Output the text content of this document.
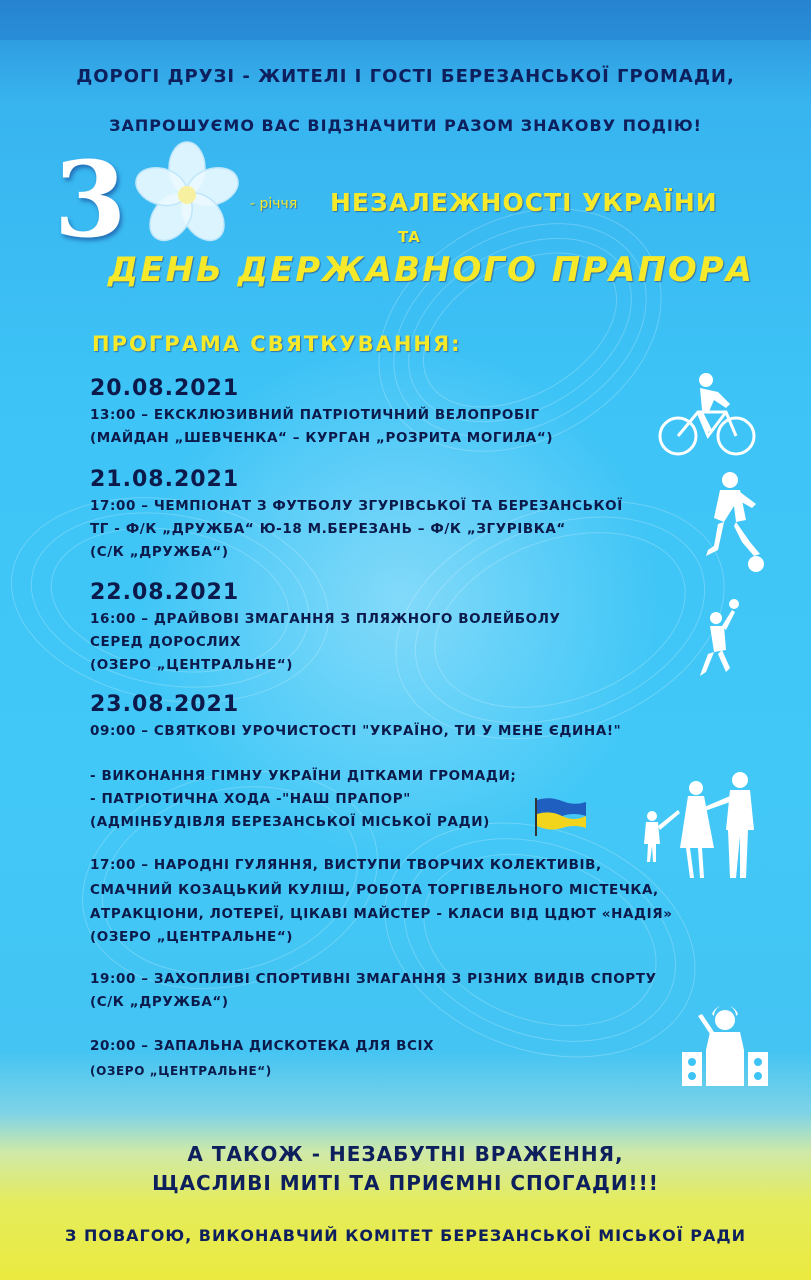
ДОРОГІ ДРУЗІ - ЖИТЕЛІ І ГОСТІ БЕРЕЗАНСЬКОЇ ГРОМАДИ,
ЗАПРОШУЄМО ВАС ВІДЗНАЧИТИ РАЗОМ ЗНАКОВУ ПОДІЮ!
3	- річчя НЕЗАЛЕЖНОСТІ УКРАЇНИ
ТА
ДЕНЬ ДЕРЖАВНОГО ПРАПОРА
ПРОГРАМА СВЯТКУВАННЯ:
20.08.2021
13:00 – ЕКСКЛЮЗИВНИЙ ПАТРІОТИЧНИЙ ВЕЛОПРОБІГ
(МАЙДАН „ШЕВЧЕНКА“ – КУРГАН „РОЗРИТА МОГИЛА“)
21.08.2021
17:00 – ЧЕМПІОНАТ З ФУТБОЛУ ЗГУРІВСЬКОЇ ТА БЕРЕЗАНСЬКОЇ
ТГ - Ф/К „ДРУЖБА“ Ю-18 М.БЕРЕЗАНЬ – Ф/К „ЗГУРІВКА“
(С/К „ДРУЖБА“)
22.08.2021
16:00 – ДРАЙВОВІ ЗМАГАННЯ З ПЛЯЖНОГО ВОЛЕЙБОЛУ
СЕРЕД ДОРОСЛИХ
(ОЗЕРО „ЦЕНТРАЛЬНЕ“)
23.08.2021
09:00 – СВЯТКОВІ УРОЧИСТОСТІ "УКРАЇНО, ТИ У МЕНЕ ЄДИНА!"
- ВИКОНАННЯ ГІМНУ УКРАЇНИ ДІТКАМИ ГРОМАДИ;
- ПАТРІОТИЧНА ХОДА -"НАШ ПРАПОР"
(АДМІНБУДІВЛЯ БЕРЕЗАНСЬКОЇ МІСЬКОЇ РАДИ)
17:00 – НАРОДНІ ГУЛЯННЯ, ВИСТУПИ ТВОРЧИХ КОЛЕКТИВІВ,
СМАЧНИЙ КОЗАЦЬКИЙ КУЛІШ, РОБОТА ТОРГІВЕЛЬНОГО МІСТЕЧКА,
АТРАКЦІОНИ, ЛОТЕРЕЇ, ЦІКАВІ МАЙСТЕР - КЛАСИ ВІД ЦДЮТ «НАДІЯ»
(ОЗЕРО „ЦЕНТРАЛЬНЕ“)
19:00 – ЗАХОПЛИВІ СПОРТИВНІ ЗМАГАННЯ З РІЗНИХ ВИДІВ СПОРТУ
(С/К „ДРУЖБА“)
20:00 – ЗАПАЛЬНА ДИСКОТЕКА ДЛЯ ВСІХ
(ОЗЕРО „ЦЕНТРАЛЬНЕ“)
А ТАКОЖ - НЕЗАБУТНІ ВРАЖЕННЯ,
ЩАСЛИВІ МИТІ ТА ПРИЄМНІ СПОГАДИ!!!
З ПОВАГОЮ, ВИКОНАВЧИЙ КОМІТЕТ БЕРЕЗАНСЬКОЇ МІСЬКОЇ РАДИ
